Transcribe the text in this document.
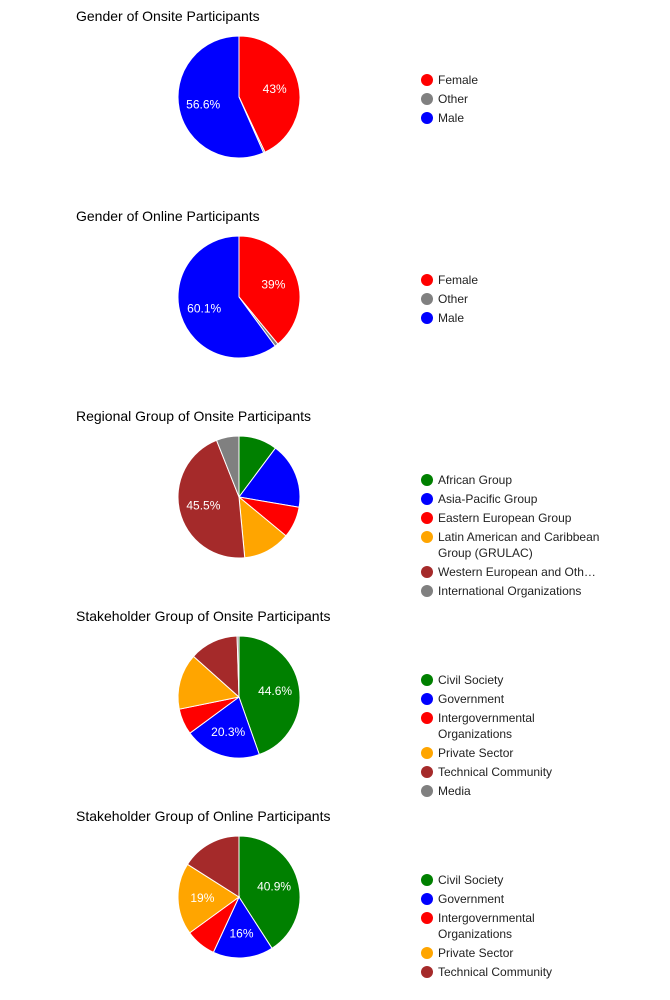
Gender of Onsite Participants
43%
56.6%
Female
Other
Male
Gender of Online Participants
39%
60.1%
Female
Other
Male
Regional Group of Onsite Participants
45.5%
African Group
Asia-Pacific Group
Eastern European Group
Latin American and Caribbean Group (GRULAC)
Western European and Oth…
International Organizations
Stakeholder Group of Onsite Participants
44.6%
20.3%
Civil Society
Government
Intergovernmental Organizations
Private Sector
Technical Community
Media
Stakeholder Group of Online Participants
40.9%
16%
19%
Civil Society
Government
Intergovernmental Organizations
Private Sector
Technical Community
